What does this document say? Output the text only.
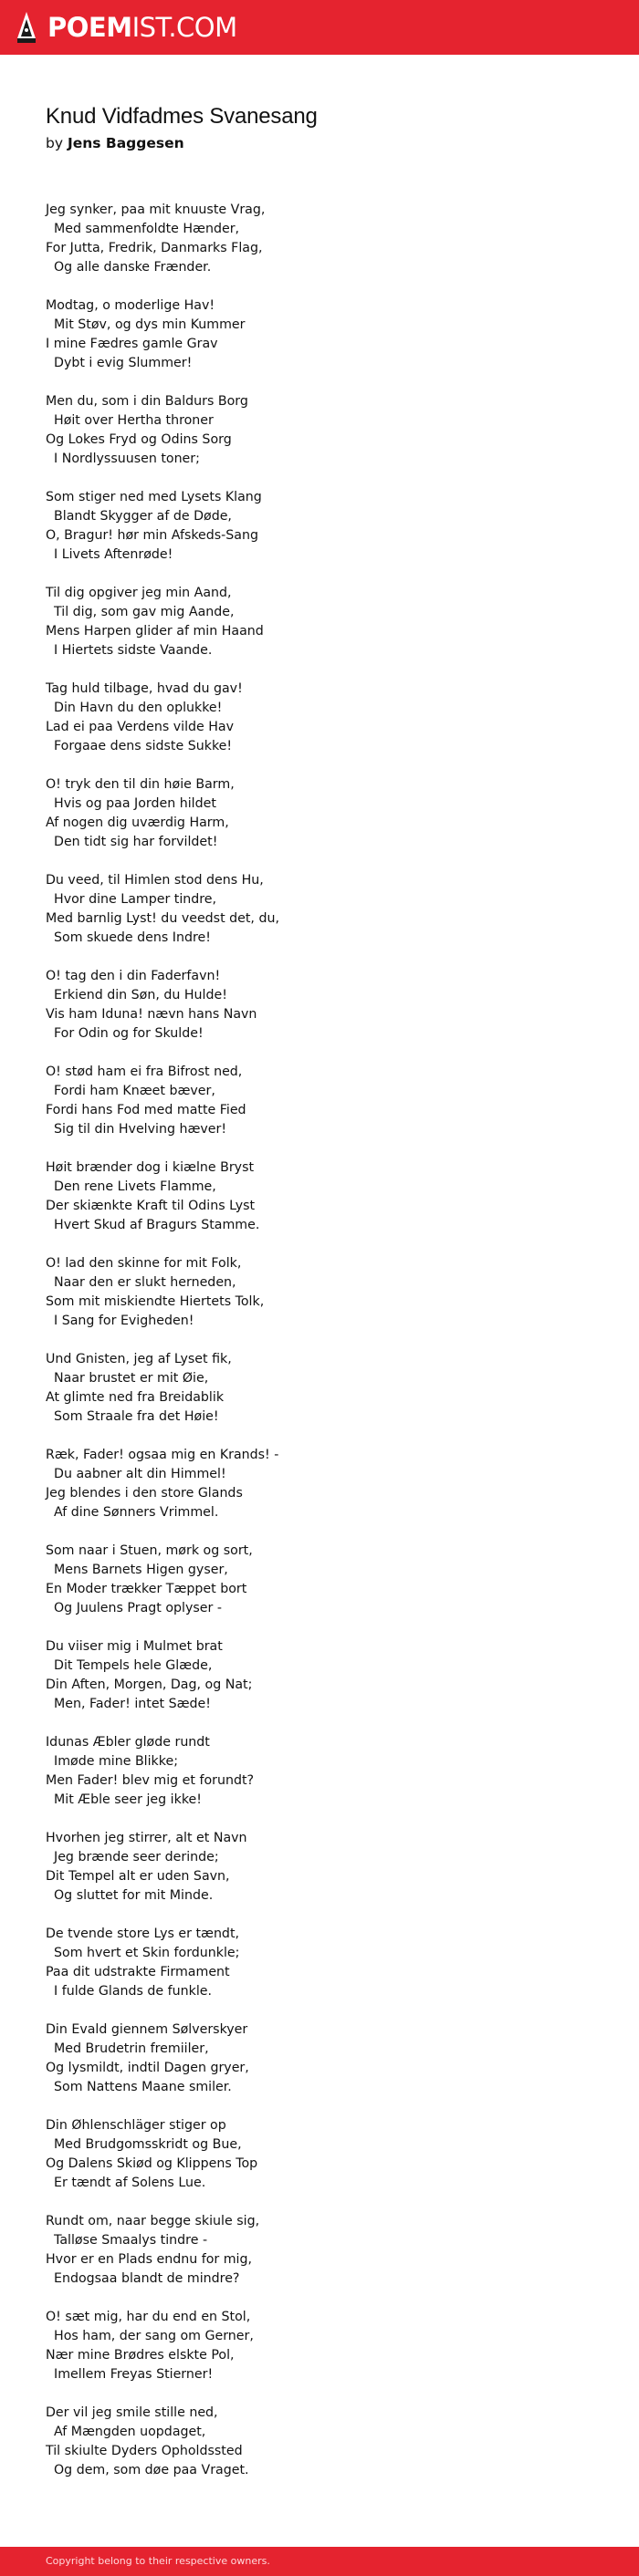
POEMIST.COM
Knud Vidfadmes Svanesang
by Jens Baggesen
Jeg synker, paa mit knuuste Vrag,
Med sammenfoldte Hænder,
For Jutta, Fredrik, Danmarks Flag,
Og alle danske Frænder.
Modtag, o moderlige Hav!
Mit Støv, og dys min Kummer
I mine Fædres gamle Grav
Dybt i evig Slummer!
Men du, som i din Baldurs Borg
Høit over Hertha throner
Og Lokes Fryd og Odins Sorg
I Nordlyssuusen toner;
Som stiger ned med Lysets Klang
Blandt Skygger af de Døde,
O, Bragur! hør min Afskeds-Sang
I Livets Aftenrøde!
Til dig opgiver jeg min Aand,
Til dig, som gav mig Aande,
Mens Harpen glider af min Haand
I Hiertets sidste Vaande.
Tag huld tilbage, hvad du gav!
Din Havn du den oplukke!
Lad ei paa Verdens vilde Hav
Forgaae dens sidste Sukke!
O! tryk den til din høie Barm,
Hvis og paa Jorden hildet
Af nogen dig uværdig Harm,
Den tidt sig har forvildet!
Du veed, til Himlen stod dens Hu,
Hvor dine Lamper tindre,
Med barnlig Lyst! du veedst det, du,
Som skuede dens Indre!
O! tag den i din Faderfavn!
Erkiend din Søn, du Hulde!
Vis ham Iduna! nævn hans Navn
For Odin og for Skulde!
O! stød ham ei fra Bifrost ned,
Fordi ham Knæet bæver,
Fordi hans Fod med matte Fied
Sig til din Hvelving hæver!
Høit brænder dog i kiælne Bryst
Den rene Livets Flamme,
Der skiænkte Kraft til Odins Lyst
Hvert Skud af Bragurs Stamme.
O! lad den skinne for mit Folk,
Naar den er slukt herneden,
Som mit miskiendte Hiertets Tolk,
I Sang for Evigheden!
Und Gnisten, jeg af Lyset fik,
Naar brustet er mit Øie,
At glimte ned fra Breidablik
Som Straale fra det Høie!
Ræk, Fader! ogsaa mig en Krands! -
Du aabner alt din Himmel!
Jeg blendes i den store Glands
Af dine Sønners Vrimmel.
Som naar i Stuen, mørk og sort,
Mens Barnets Higen gyser,
En Moder trækker Tæppet bort
Og Juulens Pragt oplyser -
Du viiser mig i Mulmet brat
Dit Tempels hele Glæde,
Din Aften, Morgen, Dag, og Nat;
Men, Fader! intet Sæde!
Idunas Æbler gløde rundt
Imøde mine Blikke;
Men Fader! blev mig et forundt?
Mit Æble seer jeg ikke!
Hvorhen jeg stirrer, alt et Navn
Jeg brænde seer derinde;
Dit Tempel alt er uden Savn,
Og sluttet for mit Minde.
De tvende store Lys er tændt,
Som hvert et Skin fordunkle;
Paa dit udstrakte Firmament
I fulde Glands de funkle.
Din Evald giennem Sølverskyer
Med Brudetrin fremiiler,
Og lysmildt, indtil Dagen gryer,
Som Nattens Maane smiler.
Din Øhlenschläger stiger op
Med Brudgomsskridt og Bue,
Og Dalens Skiød og Klippens Top
Er tændt af Solens Lue.
Rundt om, naar begge skiule sig,
Talløse Smaalys tindre -
Hvor er en Plads endnu for mig,
Endogsaa blandt de mindre?
O! sæt mig, har du end en Stol,
Hos ham, der sang om Gerner,
Nær mine Brødres elskte Pol,
Imellem Freyas Stierner!
Der vil jeg smile stille ned,
Af Mængden uopdaget,
Til skiulte Dyders Opholdssted
Og dem, som døe paa Vraget.
Copyright belong to their respective owners.
